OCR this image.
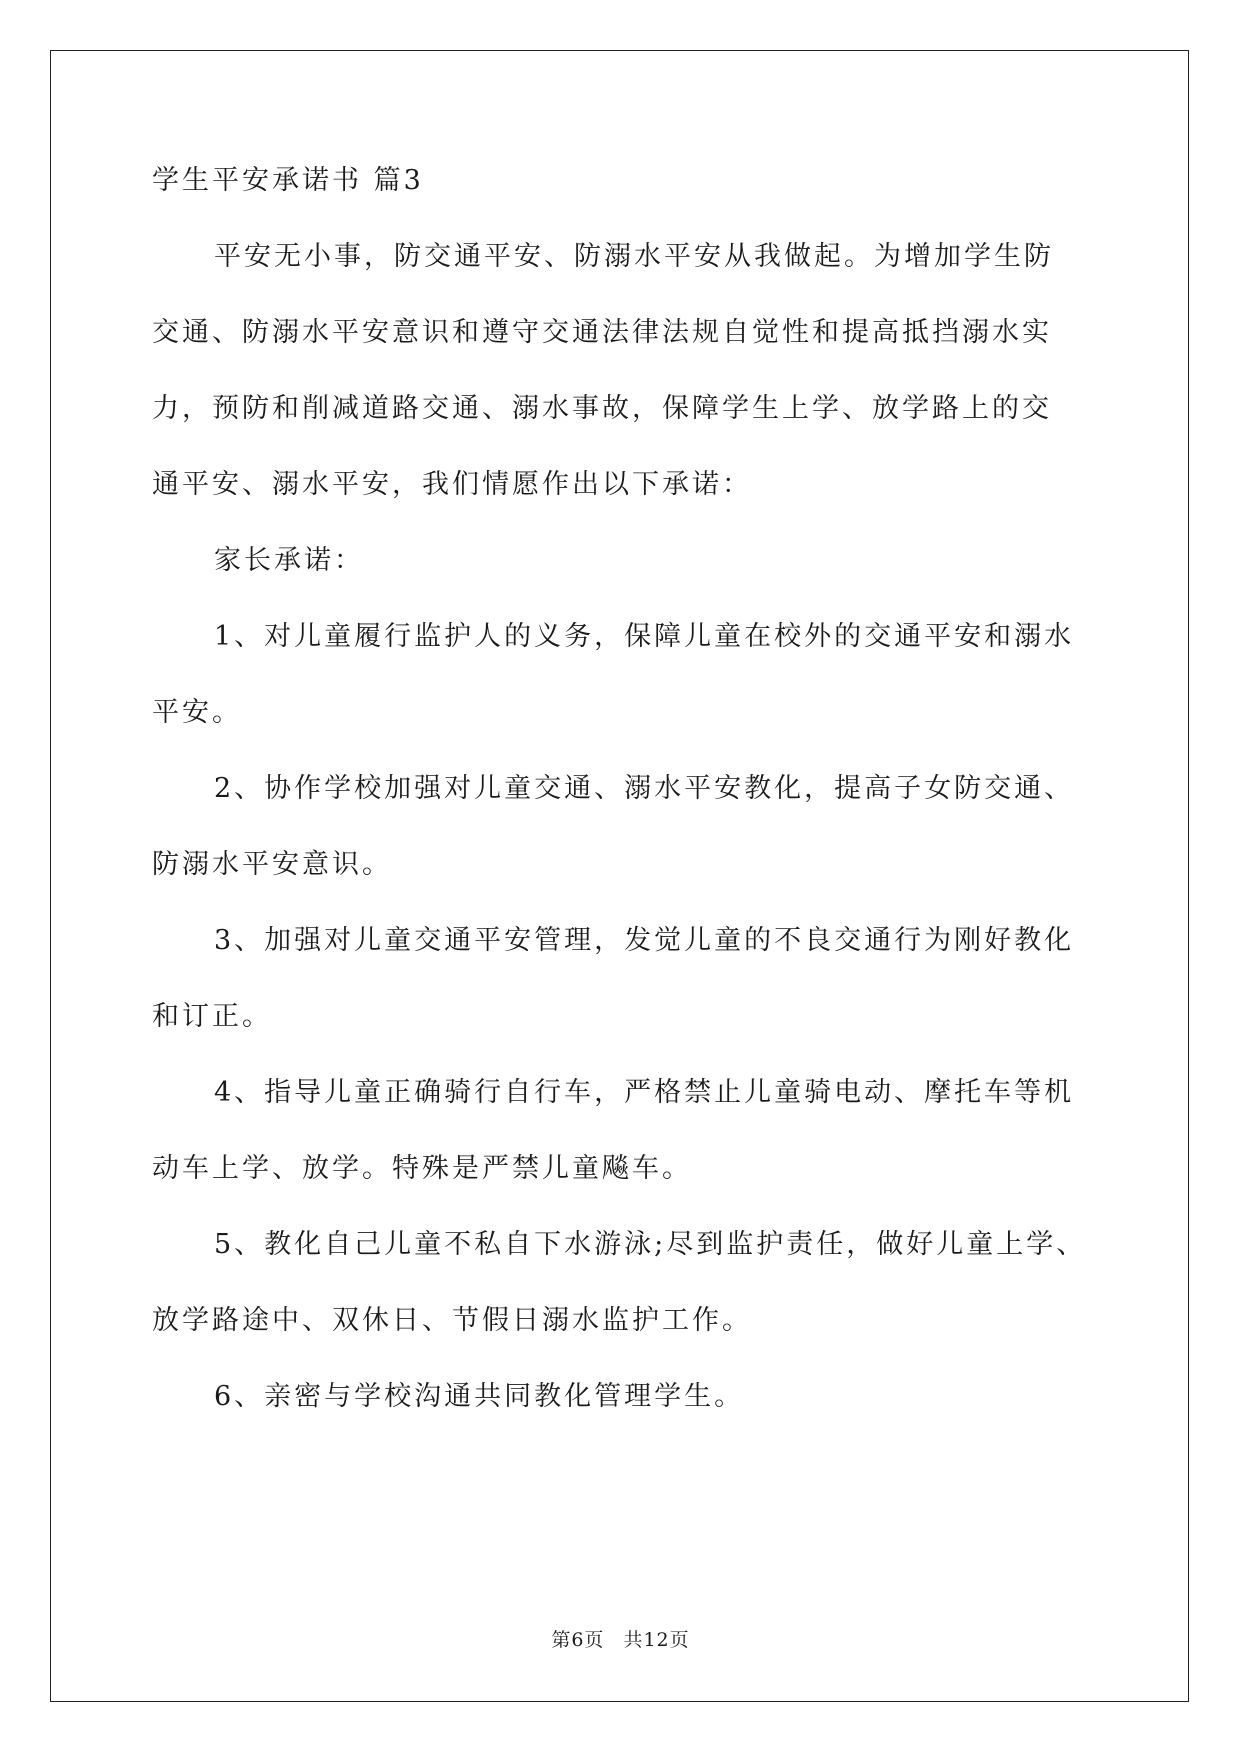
学生平安承诺书 篇3
平安无小事，防交通平安、防溺水平安从我做起。为增加学生防
交通、防溺水平安意识和遵守交通法律法规自觉性和提高抵挡溺水实
力，预防和削减道路交通、溺水事故，保障学生上学、放学路上的交
通平安、溺水平安，我们情愿作出以下承诺：
家长承诺：
1、对儿童履行监护人的义务，保障儿童在校外的交通平安和溺水
平安。
2、协作学校加强对儿童交通、溺水平安教化，提高子女防交通、
防溺水平安意识。
3、加强对儿童交通平安管理，发觉儿童的不良交通行为刚好教化
和订正。
4、指导儿童正确骑行自行车，严格禁止儿童骑电动、摩托车等机
动车上学、放学。特殊是严禁儿童飚车。
5、教化自己儿童不私自下水游泳;尽到监护责任，做好儿童上学、
放学路途中、双休日、节假日溺水监护工作。
6、亲密与学校沟通共同教化管理学生。
第6页 共12页
